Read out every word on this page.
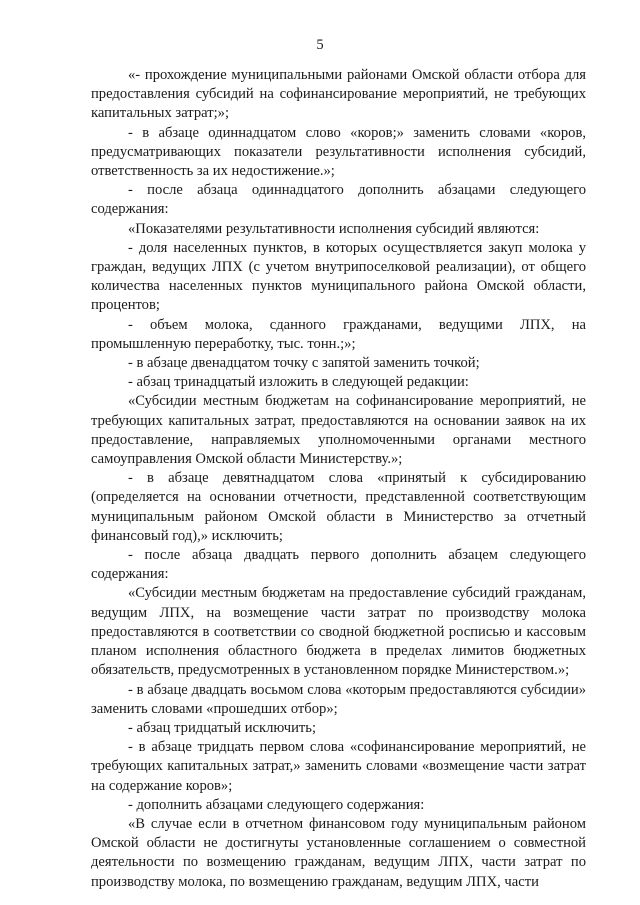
5

«- прохождение муниципальными районами Омской области отбора для предоставления субсидий на софинансирование мероприятий, не требующих капитальных затрат;»;

- в абзаце одиннадцатом слово «коров;» заменить словами «коров, предусматривающих показатели результативности исполнения субсидий, ответственность за их недостижение.»;

- после абзаца одиннадцатого дополнить абзацами следующего содержания:

«Показателями результативности исполнения субсидий являются:

- доля населенных пунктов, в которых осуществляется закуп молока у граждан, ведущих ЛПХ (с учетом внутрипоселковой реализации), от общего количества населенных пунктов муниципального района Омской области, процентов;

- объем молока, сданного гражданами, ведущими ЛПХ, на промышленную переработку, тыс. тонн.;»;

- в абзаце двенадцатом точку с запятой заменить точкой;

- абзац тринадцатый изложить в следующей редакции:

«Субсидии местным бюджетам на софинансирование мероприятий, не требующих капитальных затрат, предоставляются на основании заявок на их предоставление, направляемых уполномоченными органами местного самоуправления Омской области Министерству.»;

- в абзаце девятнадцатом слова «принятый к субсидированию (определяется на основании отчетности, представленной соответствующим муниципальным районом Омской области в Министерство за отчетный финансовый год),» исключить;

- после абзаца двадцать первого дополнить абзацем следующего содержания:

«Субсидии местным бюджетам на предоставление субсидий гражданам, ведущим ЛПХ, на возмещение части затрат по производству молока предоставляются в соответствии со сводной бюджетной росписью и кассовым планом исполнения областного бюджета в пределах лимитов бюджетных обязательств, предусмотренных в установленном порядке Министерством.»;

- в абзаце двадцать восьмом слова «которым предоставляются субсидии» заменить словами «прошедших отбор»;

- абзац тридцатый исключить;

- в абзаце тридцать первом слова «софинансирование мероприятий, не требующих капитальных затрат,» заменить словами «возмещение части затрат на содержание коров»;

- дополнить абзацами следующего содержания:

«В случае если в отчетном финансовом году муниципальным районом Омской области не достигнуты установленные соглашением о совместной деятельности по возмещению гражданам, ведущим ЛПХ, части затрат по производству молока, по возмещению гражданам, ведущим ЛПХ, части
